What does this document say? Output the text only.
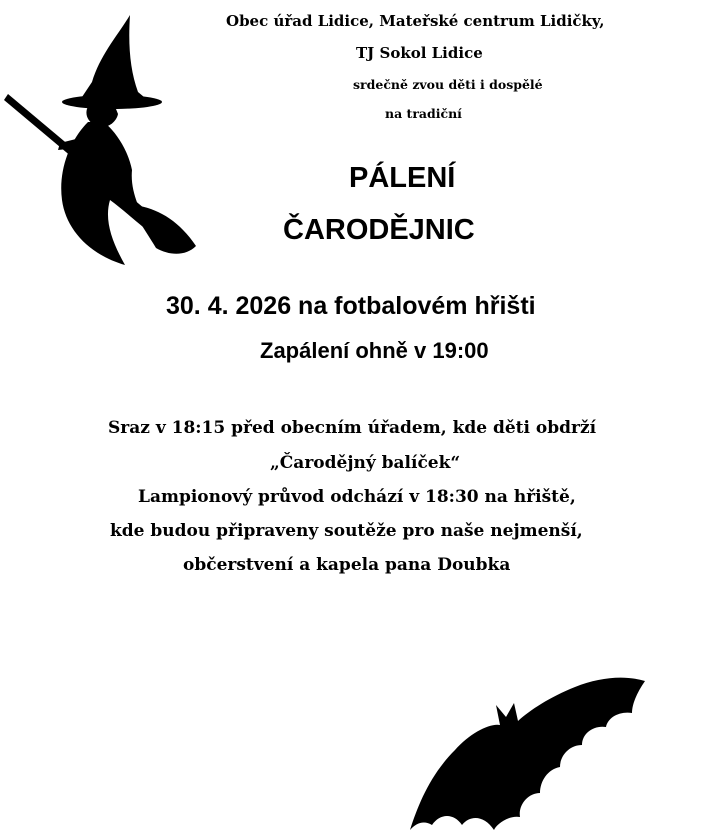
Obec úřad Lidice, Mateřské centrum Lidičky,
TJ Sokol Lidice
srdečně zvou děti i dospělé
na tradiční
PÁLENÍ
ČARODĚJNIC
30. 4. 2026 na fotbalovém hřišti
Zapálení ohně v 19:00
Sraz v 18:15 před obecním úřadem, kde děti obdrží
„Čarodějný balíček“
Lampionový průvod odchází v 18:30 na hřiště,
kde budou připraveny soutěže pro naše nejmenší,
občerstvení a kapela pana Doubka
